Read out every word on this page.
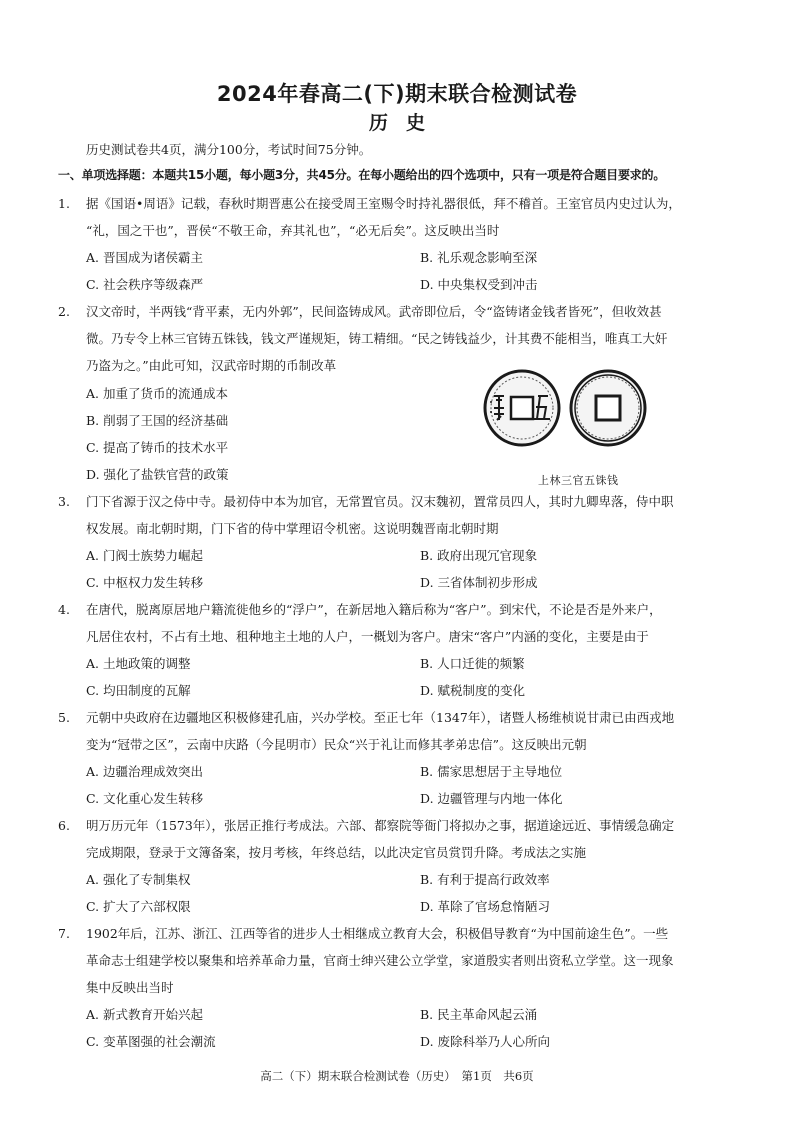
2024年春高二(下)期末联合检测试卷
历史
历史测试卷共4页，满分100分，考试时间75分钟。
一、单项选择题：本题共15小题，每小题3分，共45分。在每小题给出的四个选项中，只有一项是符合题目要求的。
1. 据《国语•周语》记载，春秋时期晋惠公在接受周王室赐令时持礼器很低，拜不稽首。王室官员内史过认为，
“礼，国之干也”，晋侯“不敬王命，弃其礼也”，“必无后矣”。这反映出当时
A. 晋国成为诸侯霸主	B. 礼乐观念影响至深
C. 社会秩序等级森严	D. 中央集权受到冲击
2. 汉文帝时，半两钱“背平素，无内外郭”，民间盗铸成风。武帝即位后，令“盗铸诸金钱者皆死”，但收效甚
微。乃专令上林三官铸五铢钱，钱文严谨规矩，铸工精细。“民之铸钱益少，计其费不能相当，唯真工大奸
乃盗为之。”由此可知，汉武帝时期的币制改革
A. 加重了货币的流通成本
B. 削弱了王国的经济基础
C. 提高了铸币的技术水平
D. 强化了盐铁官营的政策	上林三官五铢钱
3. 门下省源于汉之侍中寺。最初侍中本为加官，无常置官员。汉末魏初，置常员四人，其时九卿卑落，侍中职
权发展。南北朝时期，门下省的侍中掌理诏令机密。这说明魏晋南北朝时期
A. 门阀士族势力崛起	B. 政府出现冗官现象
C. 中枢权力发生转移	D. 三省体制初步形成
4. 在唐代，脱离原居地户籍流徙他乡的“浮户”，在新居地入籍后称为“客户”。到宋代，不论是否是外来户，
凡居住农村，不占有土地、租种地主土地的人户，一概划为客户。唐宋“客户”内涵的变化，主要是由于
A. 土地政策的调整	B. 人口迁徙的频繁
C. 均田制度的瓦解	D. 赋税制度的变化
5. 元朝中央政府在边疆地区积极修建孔庙，兴办学校。至正七年（1347年），诸暨人杨维桢说甘肃已由西戎地
变为“冠带之区”，云南中庆路（今昆明市）民众“兴于礼让而修其孝弟忠信”。这反映出元朝
A. 边疆治理成效突出	B. 儒家思想居于主导地位
C. 文化重心发生转移	D. 边疆管理与内地一体化
6. 明万历元年（1573年），张居正推行考成法。六部、都察院等衙门将拟办之事，据道途远近、事情缓急确定
完成期限，登录于文簿备案，按月考核，年终总结，以此决定官员赏罚升降。考成法之实施
A. 强化了专制集权	B. 有利于提高行政效率
C. 扩大了六部权限	D. 革除了官场怠惰陋习
7. 1902年后，江苏、浙江、江西等省的进步人士相继成立教育大会，积极倡导教育“为中国前途生色”。一些
革命志士组建学校以聚集和培养革命力量，官商士绅兴建公立学堂，家道殷实者则出资私立学堂。这一现象
集中反映出当时
A. 新式教育开始兴起	B. 民主革命风起云涌
C. 变革图强的社会潮流	D. 废除科举乃人心所向
高二（下）期末联合检测试卷（历史）　第1页　共6页
